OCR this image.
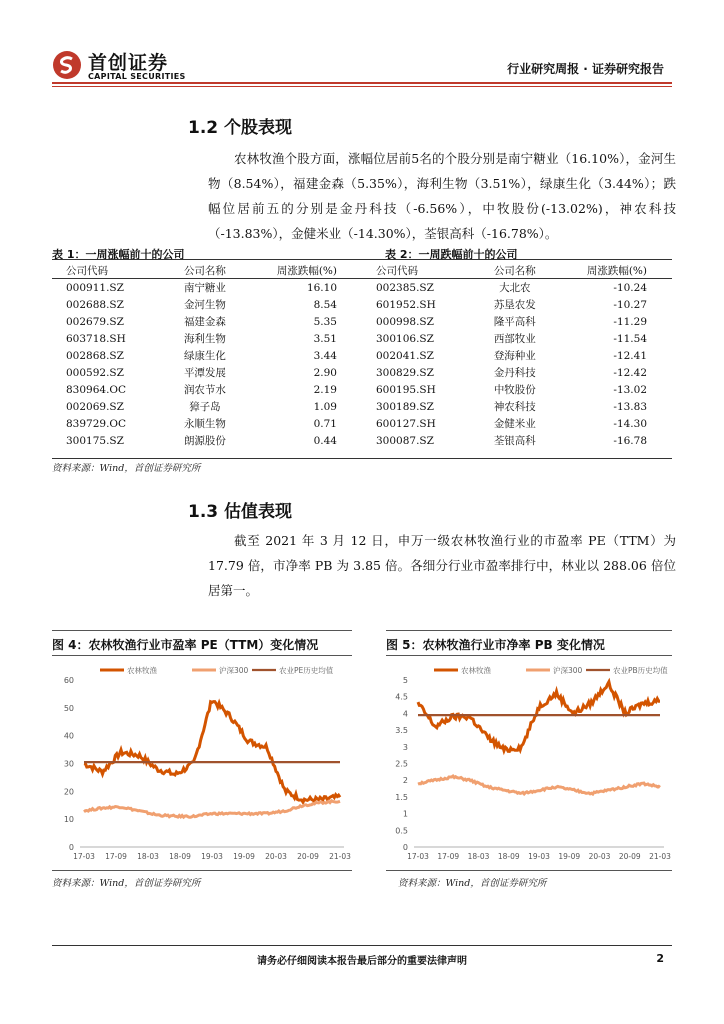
首创证券
CAPITAL SECURITIES
行业研究周报 · 证券研究报告
1.2 个股表现
农林牧渔个股方面，涨幅位居前5名的个股分别是南宁糖业（16.10%），金河生物（8.54%），福建金森（5.35%），海利生物（3.51%），绿康生化（3.44%）；跌幅位居前五的分别是金丹科技（-6.56%），中牧股份(-13.02%)，神农科技（-13.83%），金健米业（-14.30%），荃银高科（-16.78%）。
表 1：一周涨幅前十的公司	表 2：一周跌幅前十的公司
公司代码	公司名称	周涨跌幅(%)
000911.SZ	南宁糖业	16.10
002688.SZ	金河生物	8.54
002679.SZ	福建金森	5.35
603718.SH	海利生物	3.51
002868.SZ	绿康生化	3.44
000592.SZ	平潭发展	2.90
830964.OC	润农节水	2.19
002069.SZ	獐子岛	1.09
839729.OC	永顺生物	0.71
300175.SZ	朗源股份	0.44
公司代码	公司名称	周涨跌幅(%)
002385.SZ	大北农	-10.24
601952.SH	苏垦农发	-10.27
000998.SZ	隆平高科	-11.29
300106.SZ	西部牧业	-11.54
002041.SZ	登海种业	-12.41
300829.SZ	金丹科技	-12.42
600195.SH	中牧股份	-13.02
300189.SZ	神农科技	-13.83
600127.SH	金健米业	-14.30
300087.SZ	荃银高科	-16.78
资料来源：Wind，首创证券研究所
1.3 估值表现
截至 2021 年 3 月 12 日，申万一级农林牧渔行业的市盈率 PE（TTM）为 17.79 倍，市净率 PB 为 3.85 倍。各细分行业市盈率排行中，林业以 288.06 倍位居第一。
图 4：农林牧渔行业市盈率 PE（TTM）变化情况	图 5：农林牧渔行业市净率 PB 变化情况
0
10
20
30
40
50
60
17-03 17-09 18-03 18-09 19-03 19-09 20-03 20-09 21-03
农林牧渔	沪深300	农业PE历史均值
0
0.5
1
1.5
2
2.5
3
3.5
4
4.5
5
17-03 17-09 18-03 18-09 19-03 19-09 20-03 20-09 21-03
农林牧渔	沪深300	农业PB历史均值
资料来源：Wind，首创证券研究所	资料来源：Wind，首创证券研究所
请务必仔细阅读本报告最后部分的重要法律声明	2
